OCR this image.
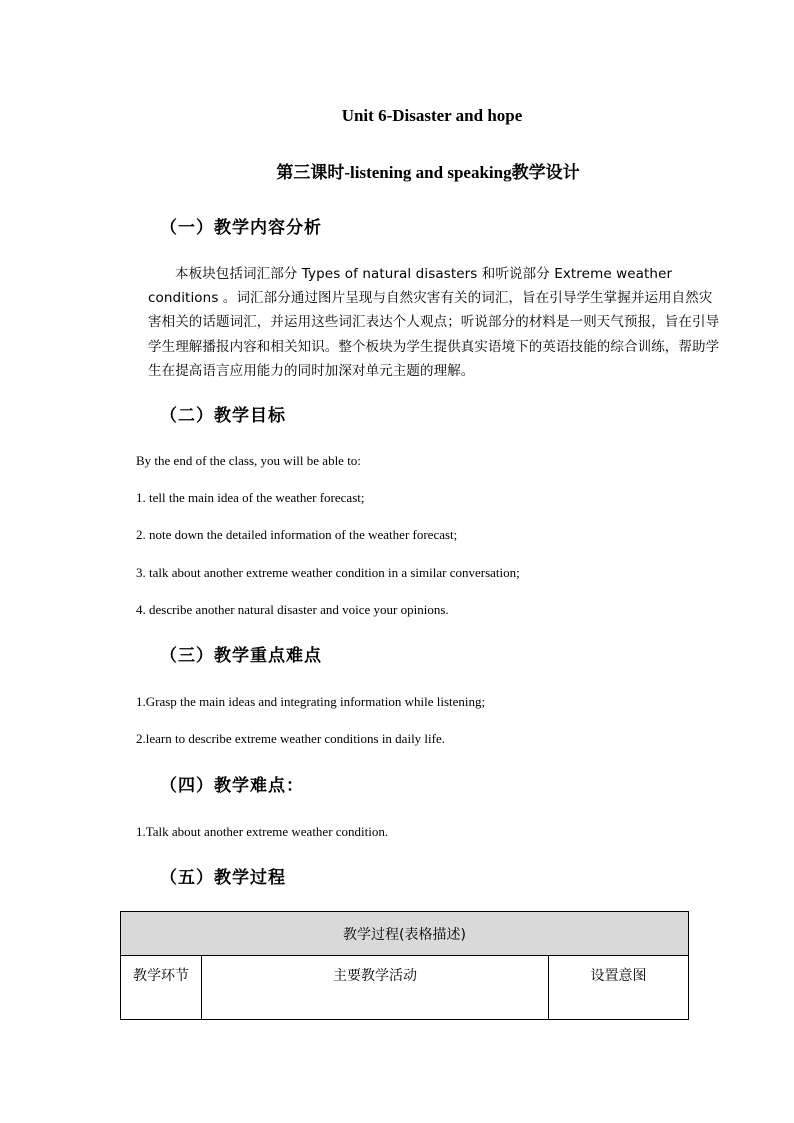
Unit 6-Disaster and hope
第三课时-listening and speaking教学设计
（一）教学内容分析
本板块包括词汇部分 Types of natural disasters 和听说部分 Extreme weather conditions 。词汇部分通过图片呈现与自然灾害有关的词汇，旨在引导学生掌握并运用自然灾害相关的话题词汇，并运用这些词汇表达个人观点；听说部分的材料是一则天气预报，旨在引导学生理解播报内容和相关知识。整个板块为学生提供真实语境下的英语技能的综合训练，帮助学生在提高语言应用能力的同时加深对单元主题的理解。
（二）教学目标
By the end of the class, you will be able to:
1. tell the main idea of the weather forecast;
2. note down the detailed information of the weather forecast;
3. talk about another extreme weather condition in a similar conversation;
4. describe another natural disaster and voice your opinions.
（三）教学重点难点
1.Grasp the main ideas and integrating information while listening;
2.learn to describe extreme weather conditions in daily life.
（四）教学难点：
1.Talk about another extreme weather condition.
（五）教学过程
教学过程(表格描述)
教学环节	主要教学活动	设置意图
